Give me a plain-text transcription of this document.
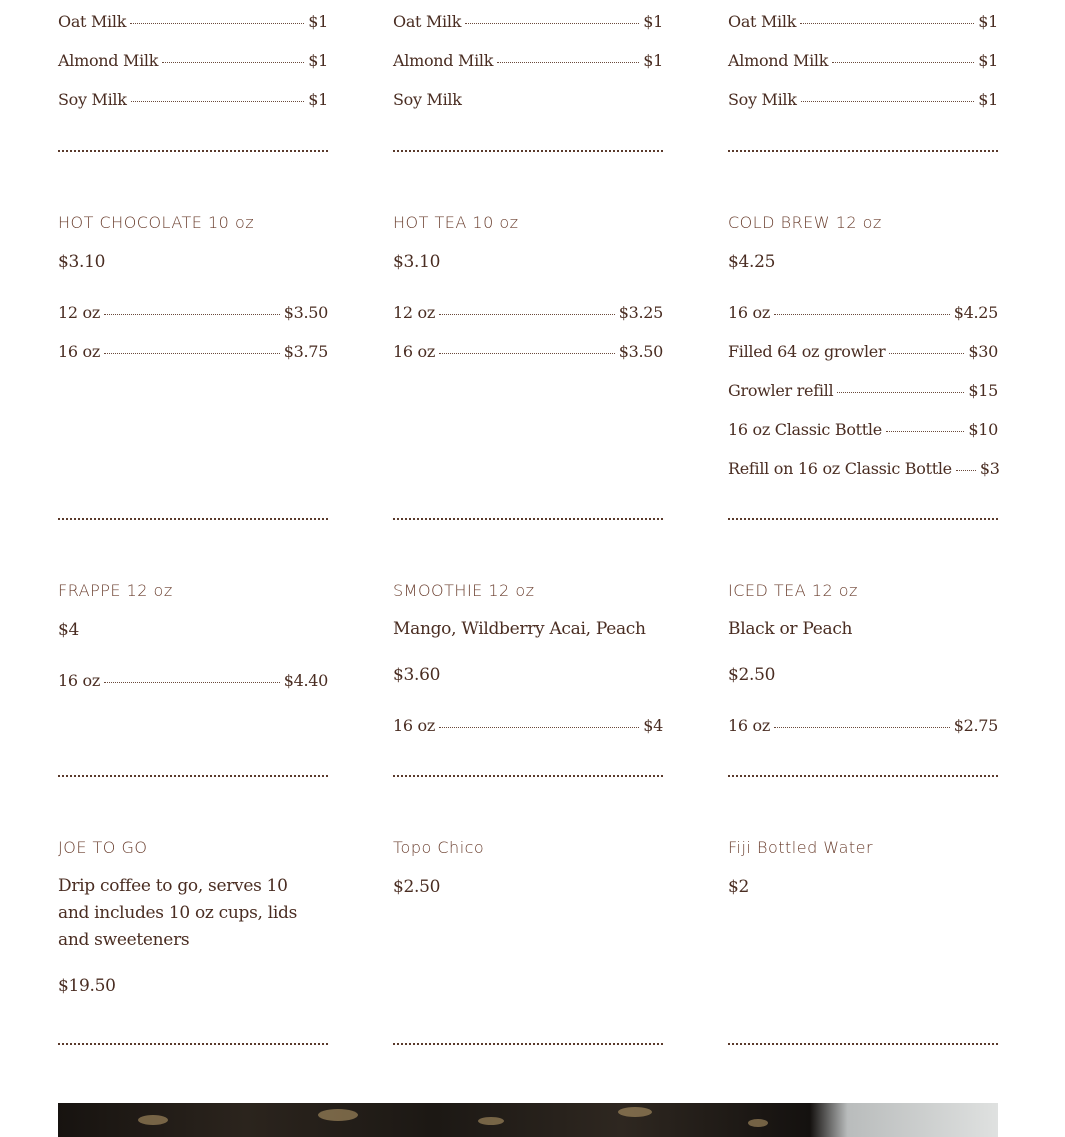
Oat Milk	$1
Almond Milk	$1
Soy Milk	$1
Oat Milk	$1
Almond Milk	$1
Soy Milk
Oat Milk	$1
Almond Milk	$1
Soy Milk	$1
HOT CHOCOLATE 10 oz
$3.10
12 oz	$3.50
16 oz	$3.75
HOT TEA 10 oz
$3.10
12 oz	$3.25
16 oz	$3.50
COLD BREW 12 oz
$4.25
16 oz	$4.25
Filled 64 oz growler	$30
Growler refill	$15
16 oz Classic Bottle	$10
Refill on 16 oz Classic Bottle $3
FRAPPE 12 oz
$4
16 oz	$4.40
SMOOTHIE 12 oz
Mango, Wildberry Acai, Peach
$3.60
16 oz	$4
ICED TEA 12 oz
Black or Peach
$2.50
16 oz	$2.75
JOE TO GO
Drip coffee to go, serves 10 and includes 10 oz cups, lids and sweeteners
$19.50
Topo Chico
$2.50
Fiji Bottled Water
$2
